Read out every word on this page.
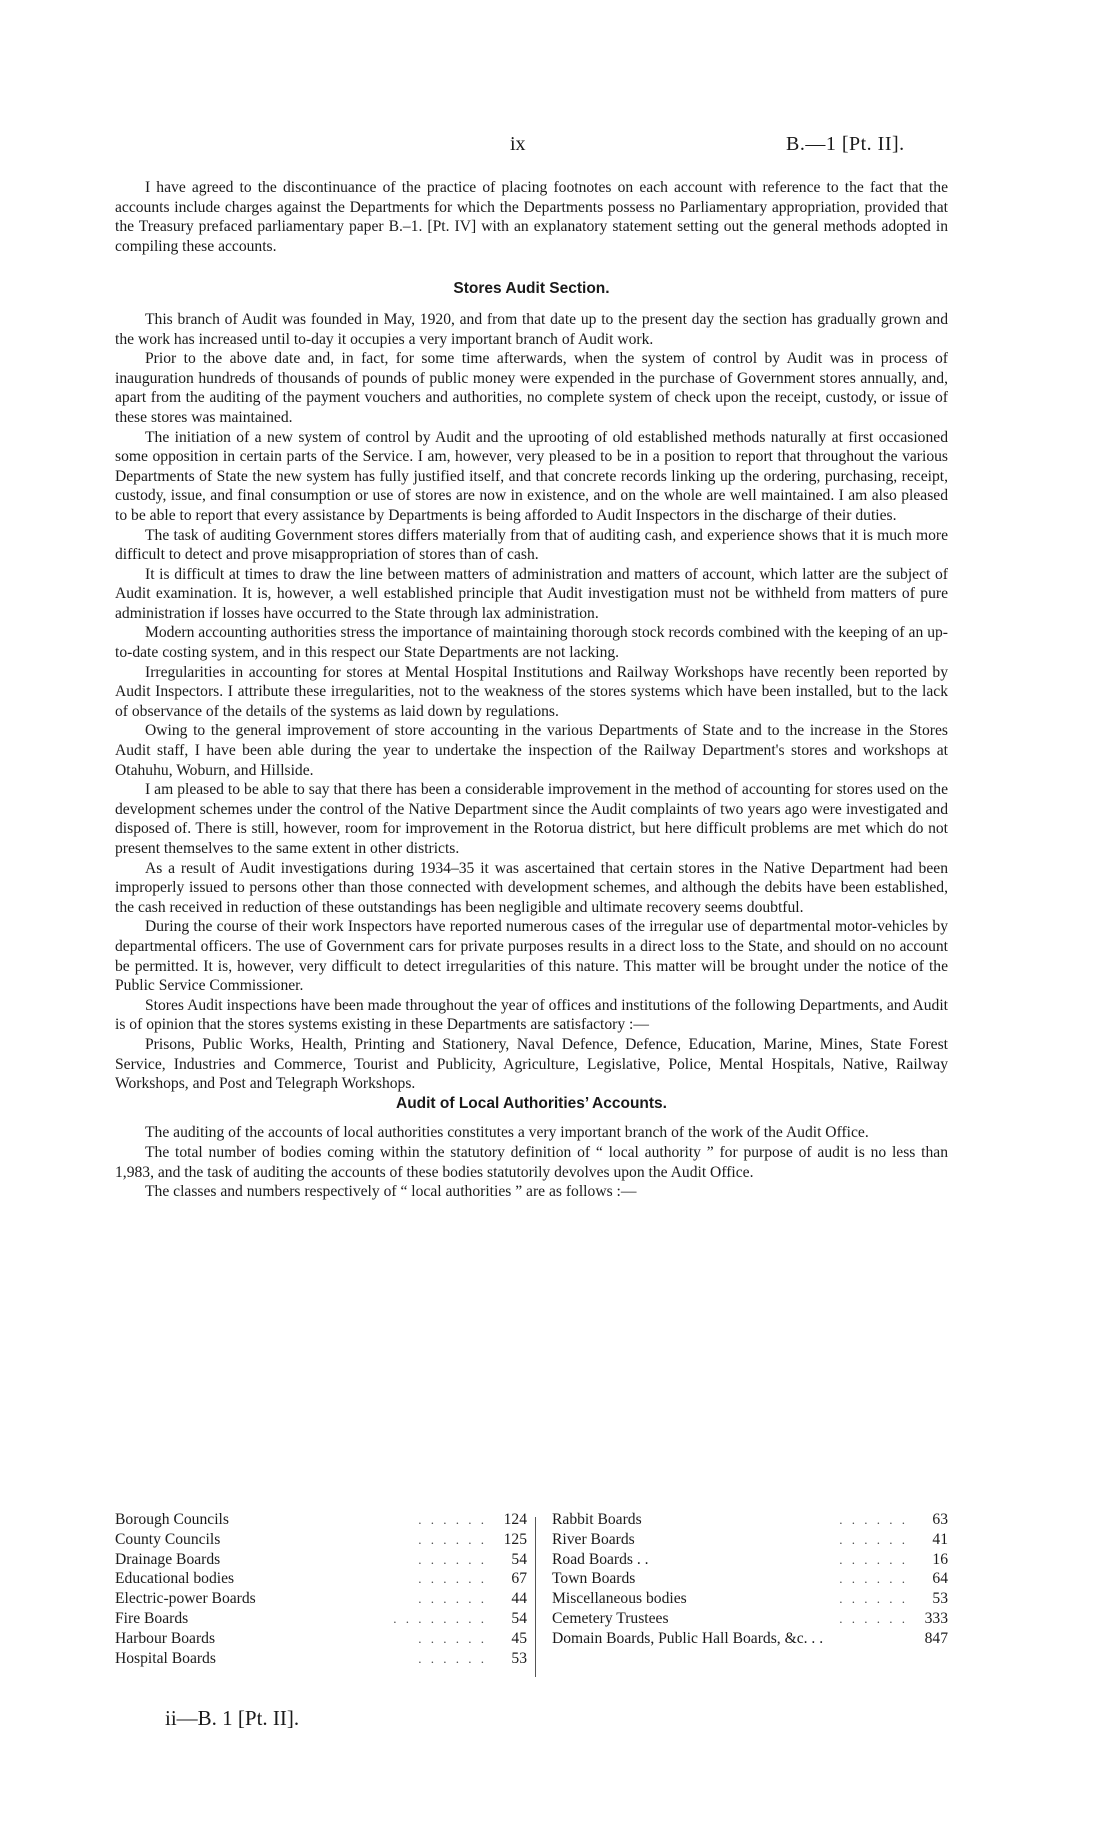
ix	B.—1 [Pt. II].

I have agreed to the discontinuance of the practice of placing footnotes on each account with reference to the fact that the accounts include charges against the Departments for which the Departments possess no Parliamentary appropriation, provided that the Treasury prefaced parliamentary paper B.–1. [Pt. IV] with an explanatory statement setting out the general methods adopted in compiling these accounts.

Stores Audit Section.

This branch of Audit was founded in May, 1920, and from that date up to the present day the section has gradually grown and the work has increased until to-day it occupies a very important branch of Audit work.

Prior to the above date and, in fact, for some time afterwards, when the system of control by Audit was in process of inauguration hundreds of thousands of pounds of public money were expended in the purchase of Government stores annually, and, apart from the auditing of the payment vouchers and authorities, no complete system of check upon the receipt, custody, or issue of these stores was maintained.

The initiation of a new system of control by Audit and the uprooting of old established methods naturally at first occasioned some opposition in certain parts of the Service. I am, however, very pleased to be in a position to report that throughout the various Departments of State the new system has fully justified itself, and that concrete records linking up the ordering, purchasing, receipt, custody, issue, and final consumption or use of stores are now in existence, and on the whole are well maintained. I am also pleased to be able to report that every assistance by Departments is being afforded to Audit Inspectors in the discharge of their duties.

The task of auditing Government stores differs materially from that of auditing cash, and experience shows that it is much more difficult to detect and prove misappropriation of stores than of cash.

It is difficult at times to draw the line between matters of administration and matters of account, which latter are the subject of Audit examination. It is, however, a well established principle that Audit investigation must not be withheld from matters of pure administration if losses have occurred to the State through lax administration.

Modern accounting authorities stress the importance of maintaining thorough stock records combined with the keeping of an up-to-date costing system, and in this respect our State Departments are not lacking.

Irregularities in accounting for stores at Mental Hospital Institutions and Railway Workshops have recently been reported by Audit Inspectors. I attribute these irregularities, not to the weakness of the stores systems which have been installed, but to the lack of observance of the details of the systems as laid down by regulations.

Owing to the general improvement of store accounting in the various Departments of State and to the increase in the Stores Audit staff, I have been able during the year to undertake the inspection of the Railway Department's stores and workshops at Otahuhu, Woburn, and Hillside.

I am pleased to be able to say that there has been a considerable improvement in the method of accounting for stores used on the development schemes under the control of the Native Department since the Audit complaints of two years ago were investigated and disposed of. There is still, however, room for improvement in the Rotorua district, but here difficult problems are met which do not present themselves to the same extent in other districts.

As a result of Audit investigations during 1934–35 it was ascertained that certain stores in the Native Department had been improperly issued to persons other than those connected with development schemes, and although the debits have been established, the cash received in reduction of these outstandings has been negligible and ultimate recovery seems doubtful.

During the course of their work Inspectors have reported numerous cases of the irregular use of departmental motor-vehicles by departmental officers. The use of Government cars for private purposes results in a direct loss to the State, and should on no account be permitted. It is, however, very difficult to detect irregularities of this nature. This matter will be brought under the notice of the Public Service Commissioner.

Stores Audit inspections have been made throughout the year of offices and institutions of the following Departments, and Audit is of opinion that the stores systems existing in these Departments are satisfactory :—

Prisons, Public Works, Health, Printing and Stationery, Naval Defence, Defence, Education, Marine, Mines, State Forest Service, Industries and Commerce, Tourist and Publicity, Agriculture, Legislative, Police, Mental Hospitals, Native, Railway Workshops, and Post and Telegraph Workshops.

Audit of Local Authorities’ Accounts.

The auditing of the accounts of local authorities constitutes a very important branch of the work of the Audit Office.

The total number of bodies coming within the statutory definition of “ local authority ” for purpose of audit is no less than 1,983, and the task of auditing the accounts of these bodies statutorily devolves upon the Audit Office.

The classes and numbers respectively of “ local authorities ” are as follows :—

Borough Councils	. . . . . .	124
County Councils	. . . . . .	125
Drainage Boards	. . . . . .	54
Educational bodies	. . . . . .	67
Electric-power Boards	. . . . . .	44
Fire Boards	. . . . . . . .	54
Harbour Boards	. . . . . .	45
Hospital Boards	. . . . . .	53
Rabbit Boards	. . . . . .	63
River Boards	. . . . . .	41
Road Boards . .	. . . . . .	16
Town Boards	. . . . . .	64
Miscellaneous bodies	. . . . . .	53
Cemetery Trustees	. . . . . .	333
Domain Boards, Public Hall Boards, &c. . .	847
ii—B. 1 [Pt. II].
